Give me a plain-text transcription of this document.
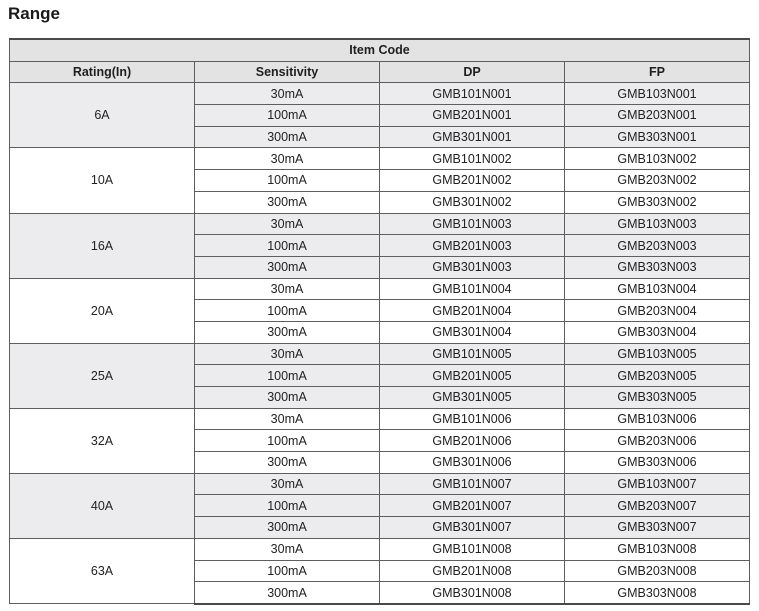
Range
Item Code			
Rating(In)	Sensitivity	DP	FP
6A	30mA	GMB101N001	GMB103N001
	100mA	GMB201N001	GMB203N001
	300mA	GMB301N001	GMB303N001
10A	30mA	GMB101N002	GMB103N002
	100mA	GMB201N002	GMB203N002
	300mA	GMB301N002	GMB303N002
16A	30mA	GMB101N003	GMB103N003
	100mA	GMB201N003	GMB203N003
	300mA	GMB301N003	GMB303N003
20A	30mA	GMB101N004	GMB103N004
	100mA	GMB201N004	GMB203N004
	300mA	GMB301N004	GMB303N004
25A	30mA	GMB101N005	GMB103N005
	100mA	GMB201N005	GMB203N005
	300mA	GMB301N005	GMB303N005
32A	30mA	GMB101N006	GMB103N006
	100mA	GMB201N006	GMB203N006
	300mA	GMB301N006	GMB303N006
40A	30mA	GMB101N007	GMB103N007
	100mA	GMB201N007	GMB203N007
	300mA	GMB301N007	GMB303N007
63A	30mA	GMB101N008	GMB103N008
	100mA	GMB201N008	GMB203N008
	300mA	GMB301N008	GMB303N008
